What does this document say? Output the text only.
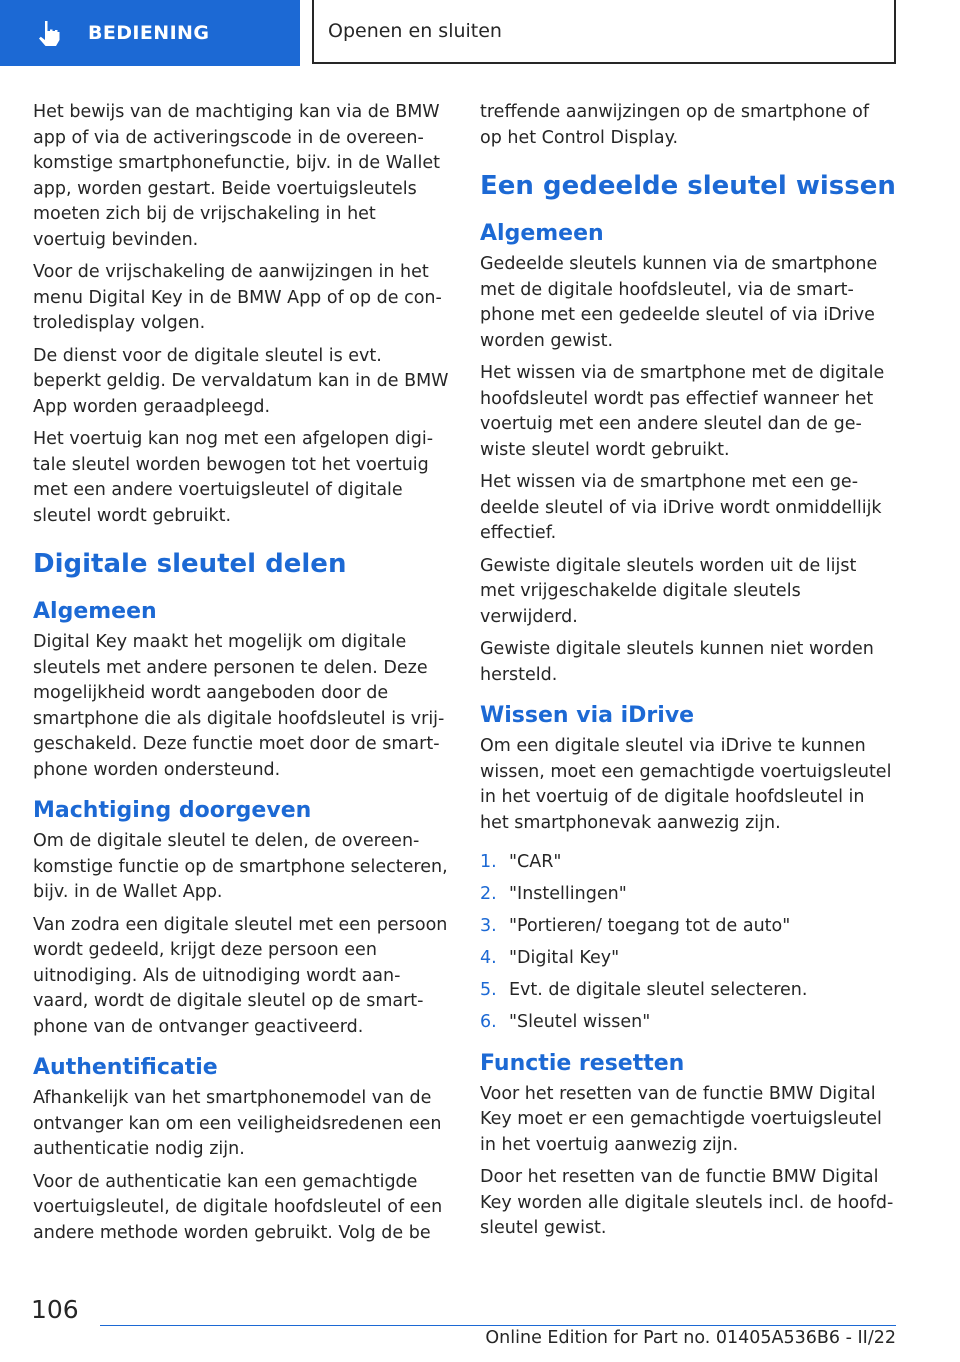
BEDIENING	Openen en sluiten

Het bewijs van de machtiging kan via de BMW app of via de activeringscode in de overeenkomstige smartphonefunctie, bijv. in de Wallet app, worden gestart. Beide voertuigsleutels moeten zich bij de vrijschakeling in het voertuig bevinden.

Voor de vrijschakeling de aanwijzingen in het menu Digital Key in de BMW App of op de controledisplay volgen.

De dienst voor de digitale sleutel is evt. beperkt geldig. De vervaldatum kan in de BMW App worden geraadpleegd.

Het voertuig kan nog met een afgelopen digitale sleutel worden bewogen tot het voertuig met een andere voertuigsleutel of digitale sleutel wordt gebruikt.

Digitale sleutel delen
Algemeen

Digital Key maakt het mogelijk om digitale sleutels met andere personen te delen. Deze mogelijkheid wordt aangeboden door de smartphone die als digitale hoofdsleutel is vrijgeschakeld. Deze functie moet door de smartphone worden ondersteund.

Machtiging doorgeven

Om de digitale sleutel te delen, de overeenkomstige functie op de smartphone selecteren, bijv. in de Wallet App.

Van zodra een digitale sleutel met een persoon wordt gedeeld, krijgt deze persoon een uitnodiging. Als de uitnodiging wordt aanvaard, wordt de digitale sleutel op de smartphone van de ontvanger geactiveerd.

Authentificatie

Afhankelijk van het smartphonemodel van de ontvanger kan om een veiligheidsredenen een authenticatie nodig zijn.

Voor de authenticatie kan een gemachtigde voertuigsleutel, de digitale hoofdsleutel of een andere methode worden gebruikt. Volg de be

treffende aanwijzingen op de smartphone of op het Control Display.

Een gedeelde sleutel wissen
Algemeen

Gedeelde sleutels kunnen via de smartphone met de digitale hoofdsleutel, via de smartphone met een gedeelde sleutel of via iDrive worden gewist.

Het wissen via de smartphone met de digitale hoofdsleutel wordt pas effectief wanneer het voertuig met een andere sleutel dan de gewiste sleutel wordt gebruikt.

Het wissen via de smartphone met een gedeelde sleutel of via iDrive wordt onmiddellijk effectief.

Gewiste digitale sleutels worden uit de lijst met vrijgeschakelde digitale sleutels verwijderd.

Gewiste digitale sleutels kunnen niet worden hersteld.

Wissen via iDrive

Om een digitale sleutel via iDrive te kunnen wissen, moet een gemachtigde voertuigsleutel in het voertuig of de digitale hoofdsleutel in het smartphonevak aanwezig zijn.

1. "CAR"
2. "Instellingen"
3. "Portieren/ toegang tot de auto"
4. "Digital Key"
5. Evt. de digitale sleutel selecteren.
6. "Sleutel wissen"
Functie resetten

Voor het resetten van de functie BMW Digital Key moet er een gemachtigde voertuigsleutel in het voertuig aanwezig zijn.

Door het resetten van de functie BMW Digital Key worden alle digitale sleutels incl. de hoofdsleutel gewist.

106
Online Edition for Part no. 01405A536B6 - II/22
